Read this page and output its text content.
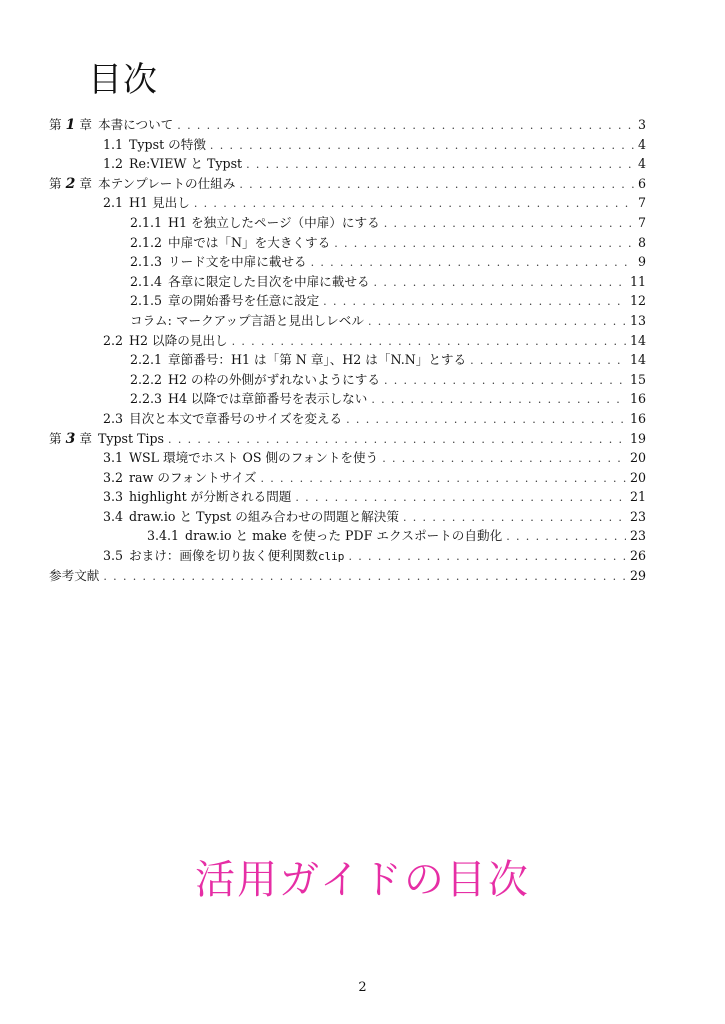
目次
第 1 章 本書について . . .	3
1.1 Typst の特徴 . . .	4
1.2 Re:VIEW と Typst . . .	4
第 2 章 本テンプレートの仕組み . . .	6
2.1 H1 見出し . . .	7
2.1.1 H1 を独立したページ（中扉）にする . . .	7
2.1.2 中扉では「N」を大きくする . . .	8
2.1.3 リード文を中扉に載せる . . .	9
2.1.4 各章に限定した目次を中扉に載せる . . .	11
2.1.5 章の開始番号を任意に設定 . . .	12
コラム: マークアップ言語と見出しレベル . . .	13
2.2 H2 以降の見出し . . .	14
2.2.1 章節番号：H1 は「第 N 章」、H2 は「N.N」とする . . .	14
2.2.2 H2 の枠の外側がずれないようにする . . .	15
2.2.3 H4 以降では章節番号を表示しない . . .	16
2.3 目次と本文で章番号のサイズを変える . . .	16
第 3 章 Typst Tips . . .	19
3.1 WSL 環境でホスト OS 側のフォントを使う . . .	20
3.2 raw のフォントサイズ . . .	20
3.3 highlight が分断される問題 . . .	21
3.4 draw.io と Typst の組み合わせの問題と解決策 . . .	23
3.4.1 draw.io と make を使った PDF エクスポートの自動化 . . .	23
3.5 おまけ：画像を切り抜く便利関数 clip . . .	26
参考文献 . . .	29
活用ガイドの目次
2
